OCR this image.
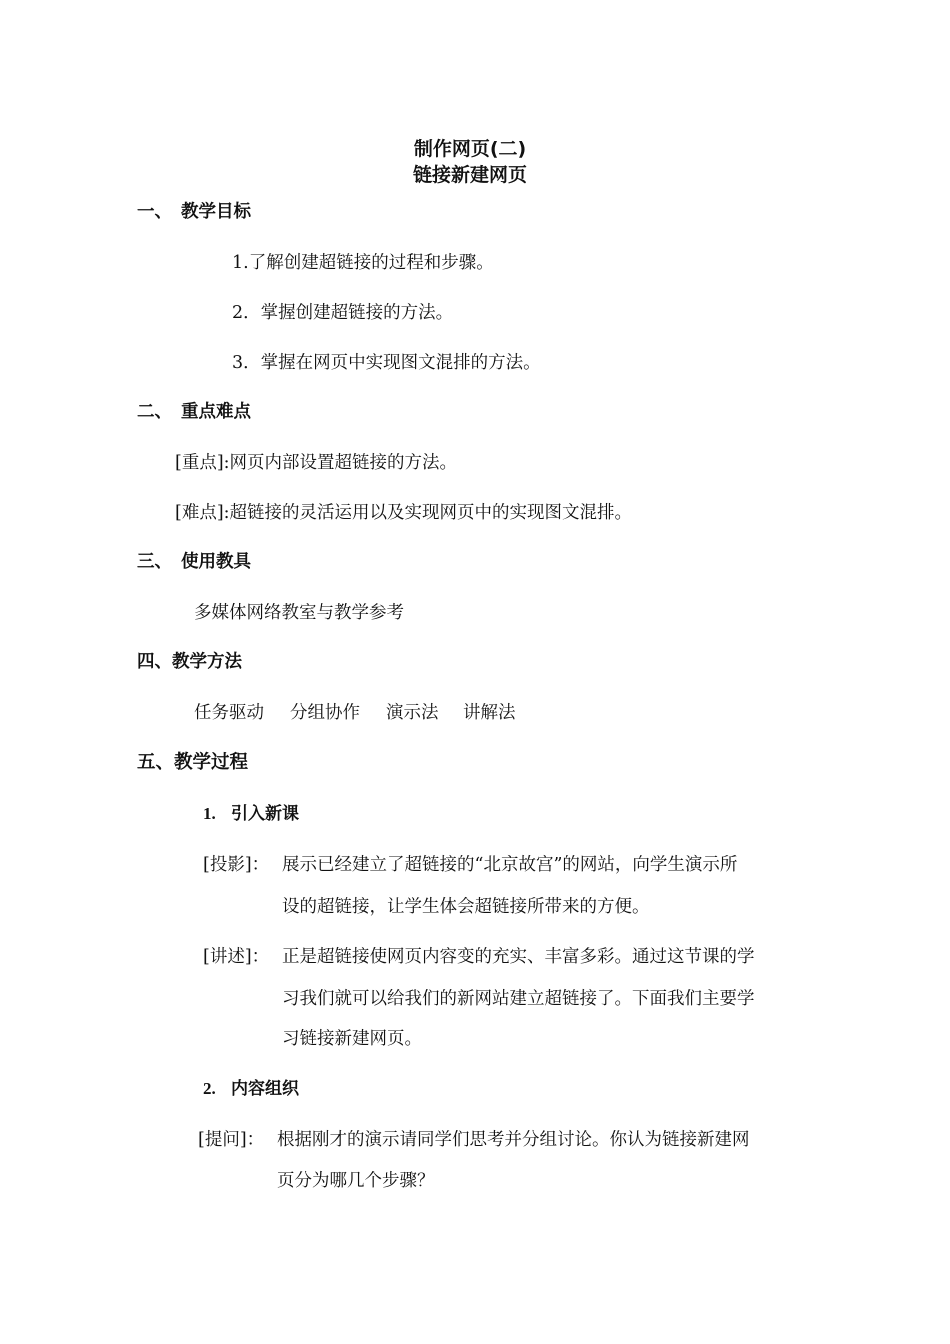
制作网页(二)
链接新建网页
一、 教学目标
1.了解创建超链接的过程和步骤。
2．掌握创建超链接的方法。
3．掌握在网页中实现图文混排的方法。
二、 重点难点
[重点]:网页内部设置超链接的方法。
[难点]:超链接的灵活运用以及实现网页中的实现图文混排。
三、 使用教具
多媒体网络教室与教学参考
四、教学方法
任务驱动 分组协作 演示法 讲解法
五、教学过程
1. 引入新课
[投影]： 展示已经建立了超链接的“北京故宫”的网站，向学生演示所
设的超链接，让学生体会超链接所带来的方便。
[讲述]： 正是超链接使网页内容变的充实、丰富多彩。通过这节课的学
习我们就可以给我们的新网站建立超链接了。下面我们主要学
习链接新建网页。
2. 内容组织
[提问]： 根据刚才的演示请同学们思考并分组讨论。你认为链接新建网
页分为哪几个步骤？
